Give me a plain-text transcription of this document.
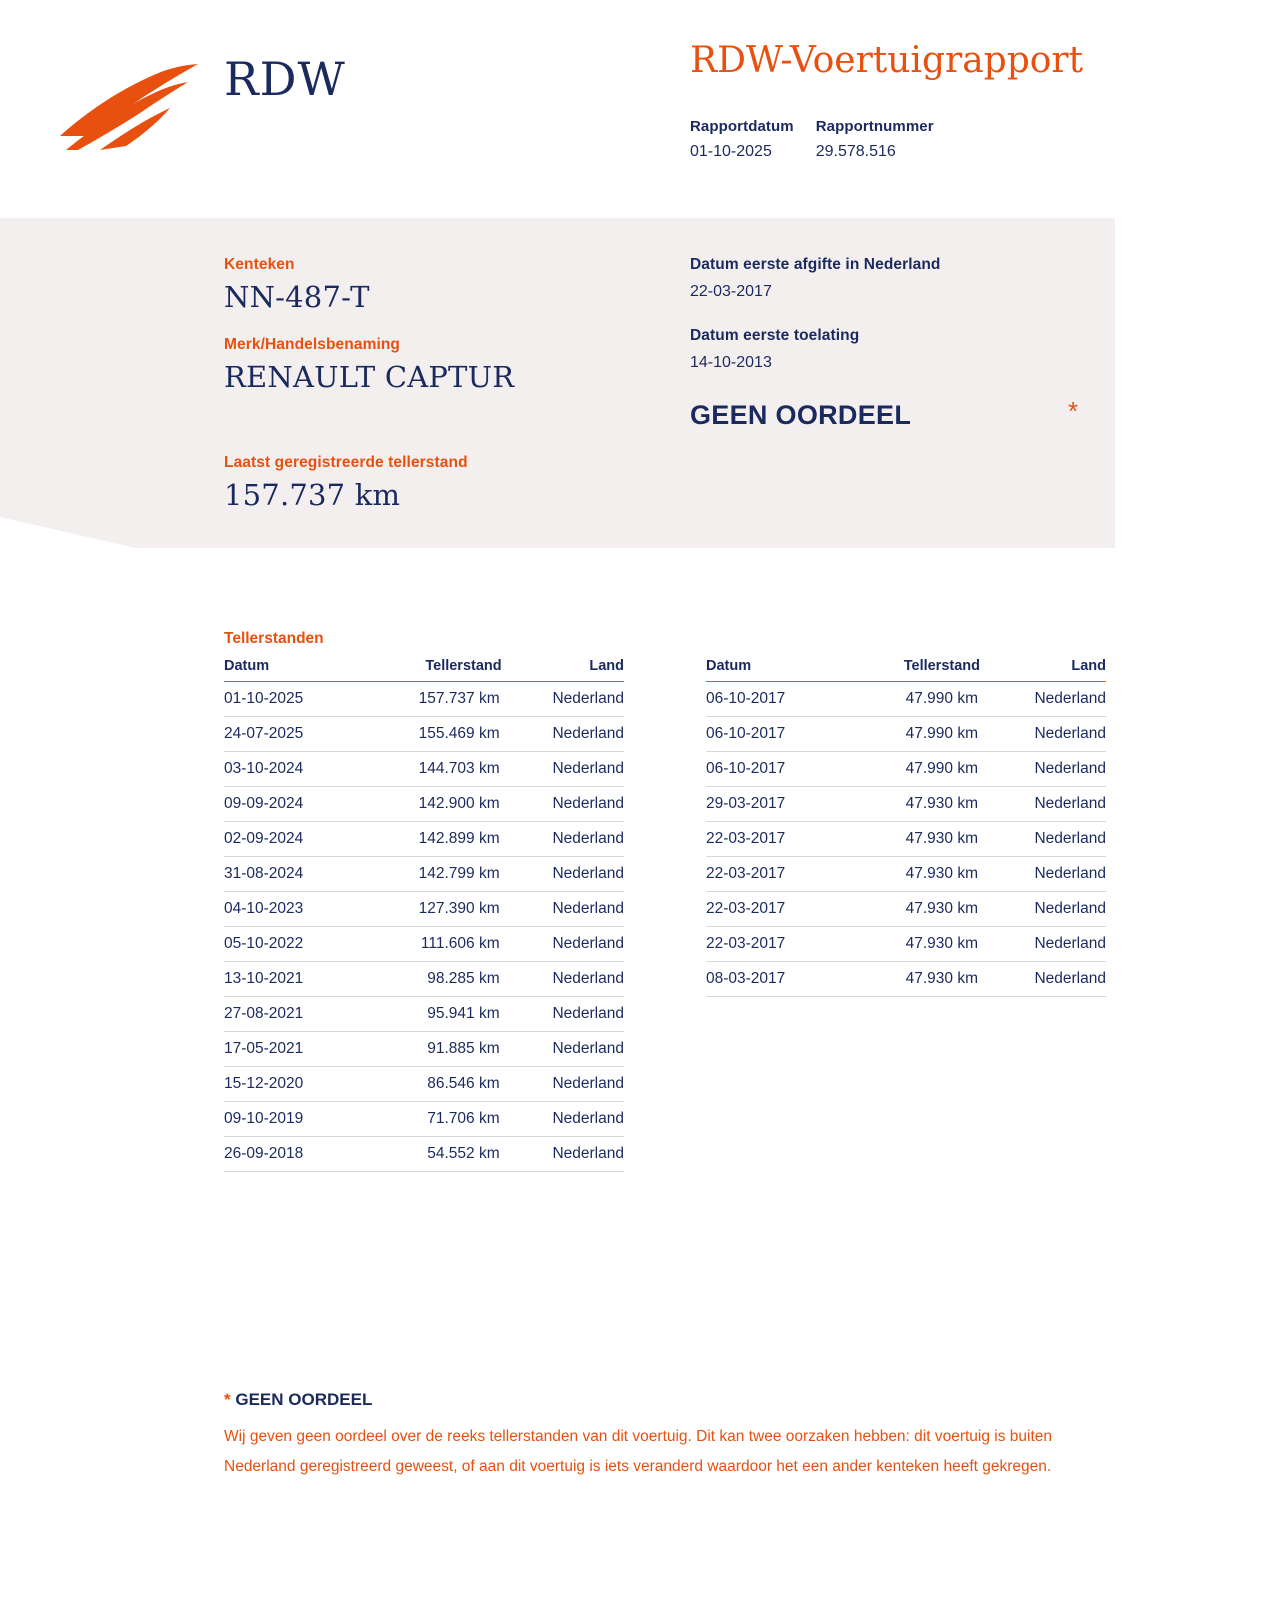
RDW	RDW-Voertuigrapport
Rapportdatum
01-10-2025
Rapportnummer
29.578.516
Kenteken
NN-487-T
Merk/Handelsbenaming
RENAULT CAPTUR
Laatst geregistreerde tellerstand
157.737 km
Datum eerste afgifte in Nederland
22-03-2017
Datum eerste toelating
14-10-2013
GEEN OORDEEL	*
Tellerstanden
Datum	Tellerstand	Land
01-10-2025	157.737 km	Nederland
24-07-2025	155.469 km	Nederland
03-10-2024	144.703 km	Nederland
09-09-2024	142.900 km	Nederland
02-09-2024	142.899 km	Nederland
31-08-2024	142.799 km	Nederland
04-10-2023	127.390 km	Nederland
05-10-2022	111.606 km	Nederland
13-10-2021	98.285 km	Nederland
27-08-2021	95.941 km	Nederland
17-05-2021	91.885 km	Nederland
15-12-2020	86.546 km	Nederland
09-10-2019	71.706 km	Nederland
26-09-2018	54.552 km	Nederland

Datum	Tellerstand	Land
06-10-2017	47.990 km	Nederland
06-10-2017	47.990 km	Nederland
06-10-2017	47.990 km	Nederland
29-03-2017	47.930 km	Nederland
22-03-2017	47.930 km	Nederland
22-03-2017	47.930 km	Nederland
22-03-2017	47.930 km	Nederland
22-03-2017	47.930 km	Nederland
08-03-2017	47.930 km	Nederland
* GEEN OORDEEL
Wij geven geen oordeel over de reeks tellerstanden van dit voertuig. Dit kan twee oorzaken hebben: dit voertuig is buiten Nederland geregistreerd geweest, of aan dit voertuig is iets veranderd waardoor het een ander kenteken heeft gekregen.
